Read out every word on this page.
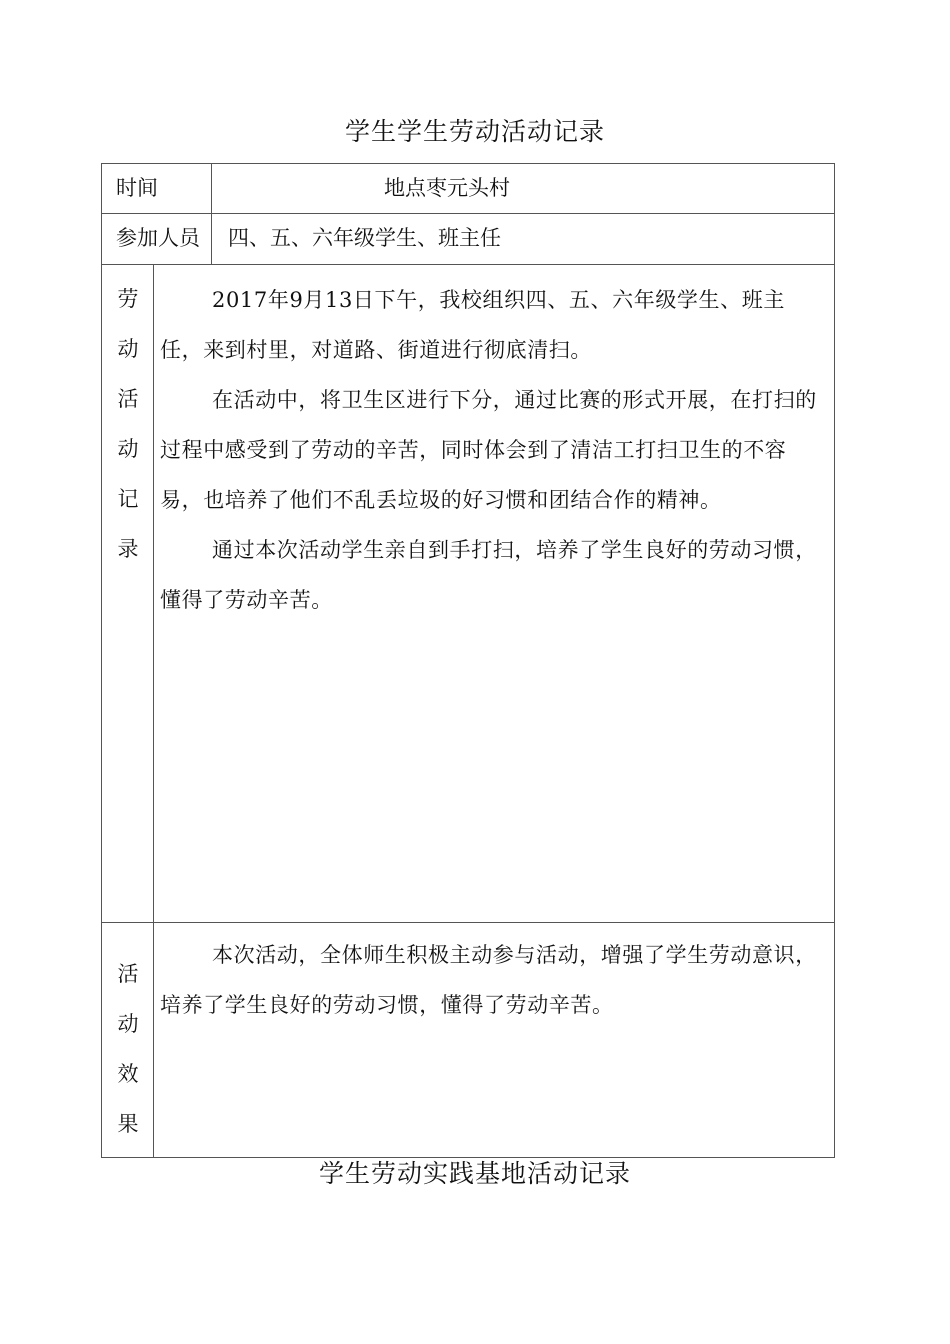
学生学生劳动活动记录
时间	地点枣元头村
参加人员 四、五、六年级学生、班主任
劳
动
活
动
记
录

2017年9月13日下午，我校组织四、五、六年级学生、班主任，来到村里，对道路、街道进行彻底清扫。

在活动中，将卫生区进行下分，通过比赛的形式开展，在打扫的过程中感受到了劳动的辛苦，同时体会到了清洁工打扫卫生的不容易，也培养了他们不乱丢垃圾的好习惯和团结合作的精神。

通过本次活动学生亲自到手打扫，培养了学生良好的劳动习惯，懂得了劳动辛苦。

活
动
效
果

本次活动，全体师生积极主动参与活动，增强了学生劳动意识，培养了学生良好的劳动习惯，懂得了劳动辛苦。

学生劳动实践基地活动记录
